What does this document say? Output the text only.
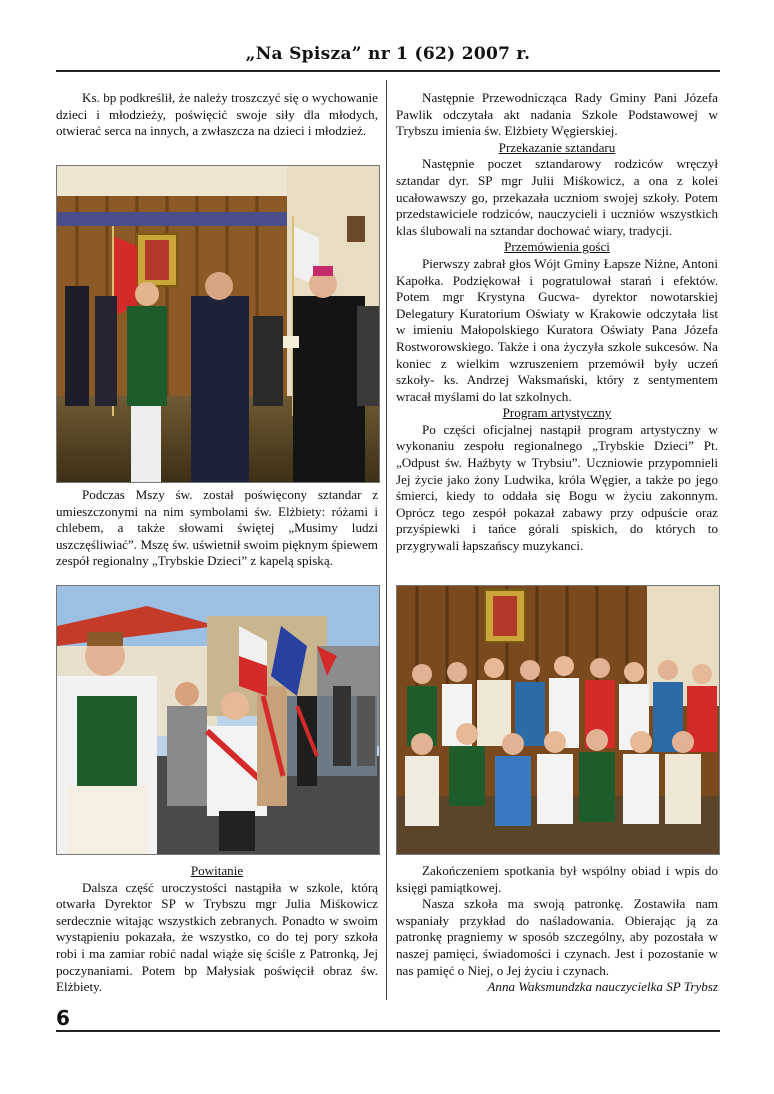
„Na Spisza” nr 1 (62) 2007 r.

Ks. bp podkreślił, że należy troszczyć się o wychowanie dzieci i młodzieży, poświęcić swoje siły dla młodych, otwierać serca na innych, a zwłaszcza na dzieci i młodzież.

Podczas Mszy św. został poświęcony sztandar z umieszczonymi na nim symbolami św. Elżbiety: różami i chlebem, a także słowami świętej „Musimy ludzi uszczęśliwiać”. Mszę św. uświetnił swoim pięknym śpiewem zespół regionalny „Trybskie Dzieci” z kapelą spiską.

Powitanie

Dalsza część uroczystości nastąpiła w szkole, którą otwarła Dyrektor SP w Trybszu mgr Julia Miśkowicz serdecznie witając wszystkich zebranych. Ponadto w swoim wystąpieniu pokazała, że wszystko, co do tej pory szkoła robi i ma zamiar robić nadal wiąże się ściśle z Patronką, Jej poczynaniami. Potem bp Małysiak poświęcił obraz św. Elżbiety.

Następnie Przewodnicząca Rady Gminy Pani Józefa Pawlik odczytała akt nadania Szkole Podstawowej w Trybszu imienia św. Elżbiety Węgierskiej.

Przekazanie sztandaru

Następnie poczet sztandarowy rodziców wręczył sztandar dyr. SP mgr Julii Miśkowicz, a ona z kolei ucałowawszy go, przekazała uczniom swojej szkoły. Potem przedstawiciele rodziców, nauczycieli i uczniów wszystkich klas ślubowali na sztandar dochować wiary, tradycji.

Przemówienia gości

Pierwszy zabrał głos Wójt Gminy Łapsze Niżne, Antoni Kapołka. Podziękował i pogratulował starań i efektów. Potem mgr Krystyna Gucwa- dyrektor nowotarskiej Delegatury Kuratorium Oświaty w Krakowie odczytała list w imieniu Małopolskiego Kuratora Oświaty Pana Józefa Rostworowskiego. Także i ona życzyła szkole sukcesów. Na koniec z wielkim wzruszeniem przemówił były uczeń szkoły- ks. Andrzej Waksmański, który z sentymentem wracał myślami do lat szkolnych.

Program artystyczny

Po części oficjalnej nastąpił program artystyczny w wykonaniu zespołu regionalnego „Trybskie Dzieci” Pt. „Odpust św. Haźbyty w Trybsiu”. Uczniowie przypomnieli Jej życie jako żony Ludwika, króla Węgier, a także po jego śmierci, kiedy to oddała się Bogu w życiu zakonnym. Oprócz tego zespół pokazał zabawy przy odpuście oraz przyśpiewki i tańce górali spiskich, do których to przygrywali łapszańscy muzykanci.

Zakończeniem spotkania był wspólny obiad i wpis do księgi pamiątkowej.

Nasza szkoła ma swoją patronkę. Zostawiła nam wspaniały przykład do naśladowania. Obierając ją za patronkę pragniemy w sposób szczególny, aby pozostała w naszej pamięci, świadomości i czynach. Jest i pozostanie w nas pamięć o Niej, o Jej życiu i czynach.

Anna Waksmundzka nauczycielka SP Trybsz

6
